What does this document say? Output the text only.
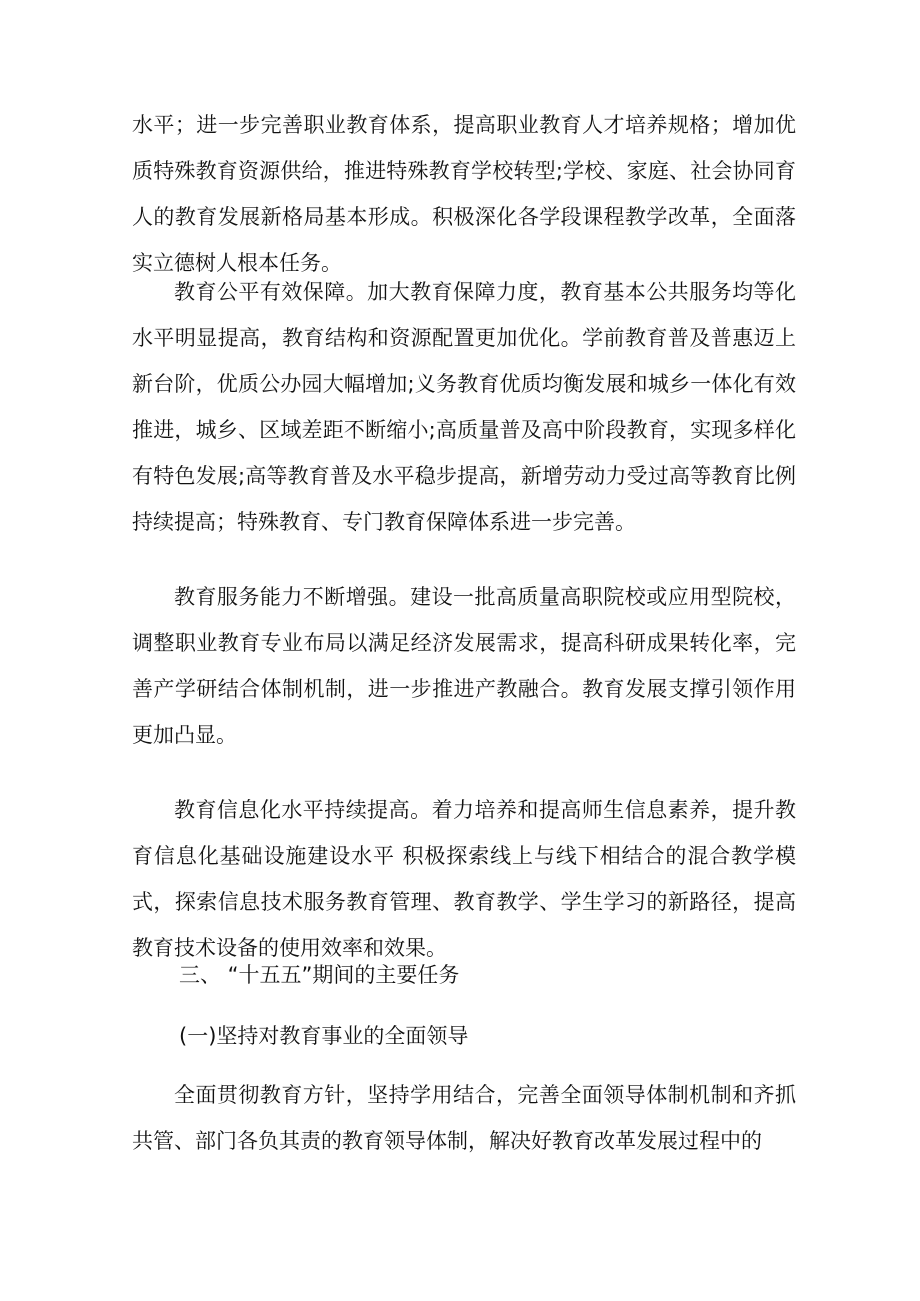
水平；进一步完善职业教育体系，提高职业教育人才培养规格；增加优质特殊教育资源供给，推进特殊教育学校转型;学校、家庭、社会协同育人的教育发展新格局基本形成。积极深化各学段课程教学改革，全面落实立德树人根本任务。

教育公平有效保障。加大教育保障力度，教育基本公共服务均等化水平明显提高，教育结构和资源配置更加优化。学前教育普及普惠迈上新台阶，优质公办园大幅增加;义务教育优质均衡发展和城乡一体化有效推进，城乡、区域差距不断缩小;高质量普及高中阶段教育，实现多样化有特色发展;高等教育普及水平稳步提高，新增劳动力受过高等教育比例持续提高；特殊教育、专门教育保障体系进一步完善。

教育服务能力不断增强。建设一批高质量高职院校或应用型院校，调整职业教育专业布局以满足经济发展需求，提高科研成果转化率，完善产学研结合体制机制，进一步推进产教融合。教育发展支撑引领作用更加凸显。

教育信息化水平持续提高。着力培养和提高师生信息素养，提升教育信息化基础设施建设水平 积极探索线上与线下相结合的混合教学模式，探索信息技术服务教育管理、教育教学、学生学习的新路径，提高教育技术设备的使用效率和效果。

三、 “十五五”期间的主要任务
(一)坚持对教育事业的全面领导

全面贯彻教育方针，坚持学用结合，完善全面领导体制机制和齐抓共管、部门各负其责的教育领导体制，解决好教育改革发展过程中的
